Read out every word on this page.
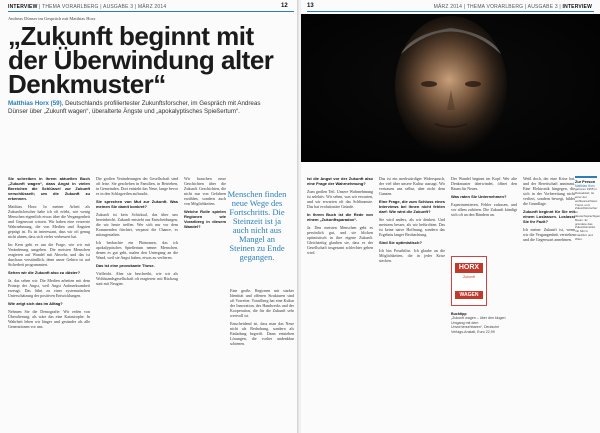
INTERVIEW | THEMA VORARLBERG | AUSGABE 3 | MÄRZ 2014	12
Andreas Dünser im Gespräch mit Matthias Horx
„Zukunft beginnt mit der Überwindung alter Denkmuster“
Matthias Horx (59), Deutschlands profiliertester Zukunftsforscher, im Gespräch mit Andreas Dünser über „Zukunft wagen“, überalterte Ängste und „apokalyptisches Spießertum“.

Sie schreiben in Ihrem aktuellen Buch „Zukunft wagen“, dass Angst in vielen Bereichen die Schlüssel zur Zukunft verschlüsselt; um die Zukunft zu erkennen.

Matthias Horx: In meiner Arbeit als Zukunftsforscher habe ich oft erlebt, wie wenig Menschen eigentlich etwas über die Vergangenheit und Gegenwart wissen. Wir haben eine verzerrte Wahrnehmung, die von Medien und Ängsten geprägt ist. Es ist interessant, dass wir oft genug nicht ahnen, dass sich vieles verbessert hat.

Im Kern geht es um die Frage, wie wir mit Veränderung umgehen. Die meisten Menschen reagieren auf Wandel mit Abwehr, und das ist durchaus verständlich, denn unser Gehirn ist auf Sicherheit programmiert.

Sehen wir die Zukunft also zu düster?

Ja, das sehen wir. Die Medien arbeiten mit dem Prinzip der Angst, weil Angst Aufmerksamkeit erzeugt. Das führt zu einer systematischen Unterschätzung der positiven Entwicklungen.

Wie zeigt sich das im Alltag?

Nehmen Sie die Demografie: Wir reden von Überalterung, als wäre das eine Katastrophe. In Wahrheit leben wir länger und gesünder als alle Generationen vor uns.

Die großen Veränderungen der Gesellschaft sind oft leise. Sie geschehen in Familien, in Betrieben, in Gemeinden. Dort entsteht das Neue, lange bevor es in den Schlagzeilen auftaucht.

Sie sprechen von Mut zur Zukunft. Was meinen Sie damit konkret?

Zukunft ist kein Schicksal, das über uns hereinbricht. Zukunft entsteht aus Entscheidungen, die wir heute treffen. Wer sich nur vor dem Kommenden fürchtet, verpasst die Chance, es mitzugestalten.

Ich beobachte ein Phänomen, das ich apokalyptisches Spießertum nenne: Menschen, denen es gut geht, malen den Untergang an die Wand, weil sie Angst haben, etwas zu verlieren.

Das ist eine provokante These.

Vielleicht. Aber sie beschreibt, wie wir als Wohlstandsgesellschaft oft reagieren: mit Rückzug statt mit Neugier.

Wir brauchen neue Geschichten über die Zukunft. Geschichten, die nicht nur von Gefahren erzählen, sondern auch von Möglichkeiten.

Welche Rolle spielen Regionen wie Vorarlberg in diesem Wandel?

Eine große. Regionen mit starker Identität und offenen Strukturen sind oft Vorreiter. Vorarlberg hat eine Kultur der Innovation, des Handwerks und der Kooperation, die für die Zukunft sehr wertvoll ist.

Entscheidend ist, dass man das Neue nicht als Bedrohung, sondern als Einladung begreift. Dann entstehen Lösungen, die vorher undenkbar schienen.

Menschen finden neue Wege des Fortschritts. Die Steinzeit ist ja auch nicht aus Mangel an Steinen zu Ende gegangen.
MÄRZ 2014 | THEMA VORARLBERG | AUSGABE 3 | INTERVIEW
13

Ist die Angst vor der Zukunft also eine Frage der Wahrnehmung?

Zum großen Teil. Unsere Wahrnehmung ist selektiv. Wir sehen, was wir erwarten, und wir erwarten oft das Schlimmste. Das hat evolutionäre Gründe.

In Ihrem Buch ist die Rede von einem „Zukunftsparadox“.

Ja. Den meisten Menschen geht es persönlich gut, und sie blicken optimistisch in ihre eigene Zukunft. Gleichzeitig glauben sie, dass es der Gesellschaft insgesamt schlechter gehen wird.

Das ist ein merkwürdiger Widerspruch, der viel über unsere Kultur aussagt. Wir vertrauen uns selbst, aber nicht dem Ganzen.

Eine Frage, die zum Schluss eines Interviews bei Ihnen nicht fehlen darf: Wie wird die Zukunft?

Sie wird anders, als wir denken. Und meistens besser, als wir befürchten. Das ist keine naive Hoffnung, sondern das Ergebnis langer Beobachtung.

Sind Sie optimistisch?

Ich bin Possibilist. Ich glaube an die Möglichkeiten, die in jeder Krise stecken.

Der Wandel beginnt im Kopf. Wer alte Denkmuster überwindet, öffnet den Raum für Neues.

Was raten Sie Unternehmen?

Experimentieren, Fehler zulassen, und vor allem zuhören. Die Zukunft kündigt sich oft an den Rändern an.

Weiß doch, der eine Krise hat, und der Bereitschaft annimmt. Eine Elektronik hingegen, die sich in der Vorbereitung nicht verliert, sondern bewegt, bildet die Grundlage.

Zukunft beginnt für Sie mit einem Loslassen. Loslasst Sie Ihr Fazit?

Ich meine: Zukunft ist, wenn wir die Vergangenheit verstehen und die Gegenwart annehmen.

HORX
Zukunft
WAGEN
Buchtipp
„Zukunft wagen – über den klugen Umgang mit dem Unvorhersehbaren“, Deutsche Verlags-Anstalt, Euro 22,99
Zur Person
Matthias Horx
geboren 1955 in Düsseldorf, ist einer der einflussreichsten Trend- und Zukunftsforscher im deutschsprachigen Raum. Er gründete das Zukunftsinstitut mit Sitz in Frankfurt und Wien.
